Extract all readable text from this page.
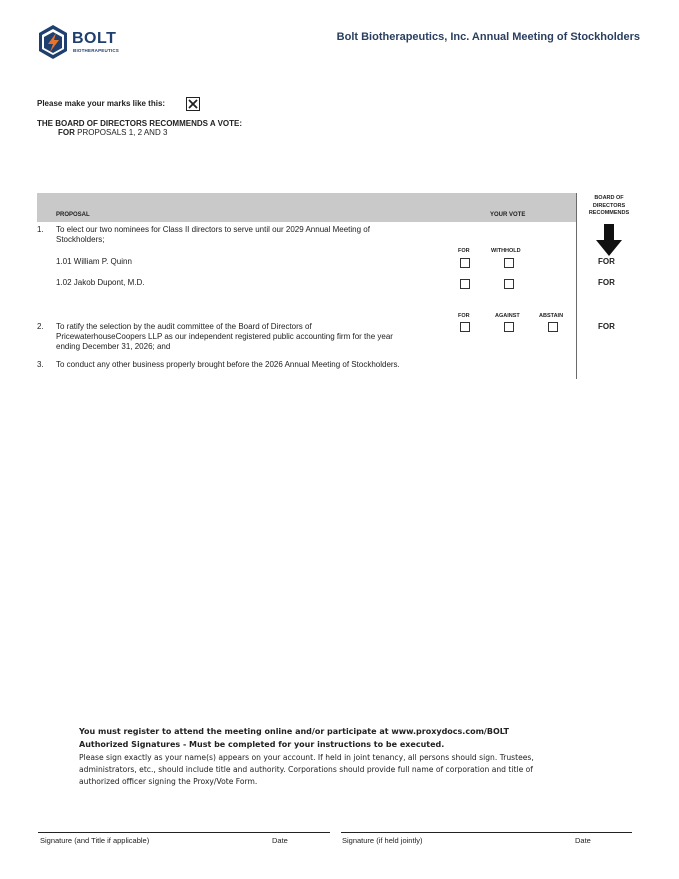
BOLT
BIOTHERAPEUTICS
Bolt Biotherapeutics, Inc. Annual Meeting of Stockholders
Please make your marks like this:
THE BOARD OF DIRECTORS RECOMMENDS A VOTE:
FOR PROPOSALS 1, 2 AND 3
PROPOSAL	YOUR VOTE
BOARD OF
DIRECTORS
RECOMMENDS
1. To elect our two nominees for Class II directors to serve until our 2029 Annual Meeting of
Stockholders;
FOR	WITHHOLD
1.01 William P. Quinn	FOR
1.02 Jakob Dupont, M.D.	FOR
FOR	AGAINST	ABSTAIN
2. To ratify the selection by the audit committee of the Board of Directors of
PricewaterhouseCoopers LLP as our independent registered public accounting firm for the year
ending December 31, 2026; and
FOR
3. To conduct any other business properly brought before the 2026 Annual Meeting of Stockholders.
You must register to attend the meeting online and/or participate at www.proxydocs.com/BOLT
Authorized Signatures - Must be completed for your instructions to be executed.
Please sign exactly as your name(s) appears on your account. If held in joint tenancy, all persons should sign. Trustees,
administrators, etc., should include title and authority. Corporations should provide full name of corporation and title of
authorized officer signing the Proxy/Vote Form.
Signature (and Title if applicable)	Date	Signature (if held jointly)	Date
